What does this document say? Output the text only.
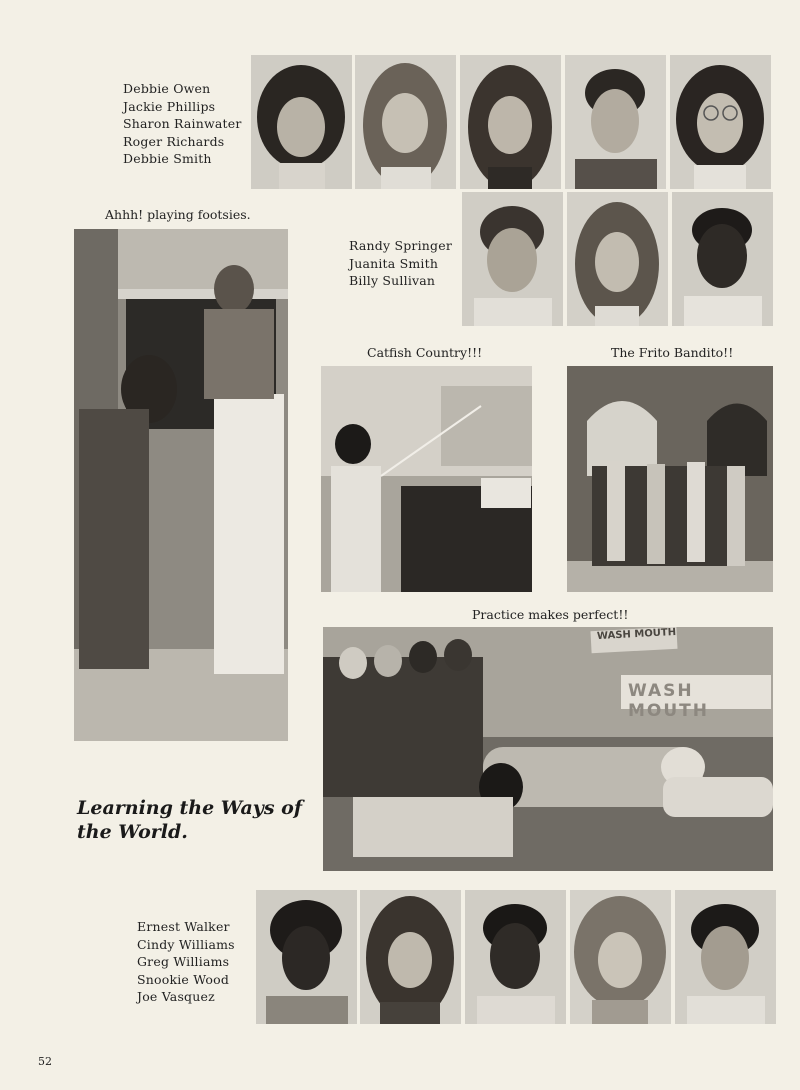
Debbie Owen
Jackie Phillips
Sharon Rainwater
Roger Richards
Debbie Smith
Randy Springer
Juanita Smith
Billy Sullivan
Ahhh! playing footsies.
Catfish Country!!!	The Frito Bandito!!
Practice makes perfect!!
WASH MOUTH
WASH MOUTH
Learning the Ways of the World.
Ernest Walker
Cindy Williams
Greg Williams
Snookie Wood
Joe Vasquez
52
